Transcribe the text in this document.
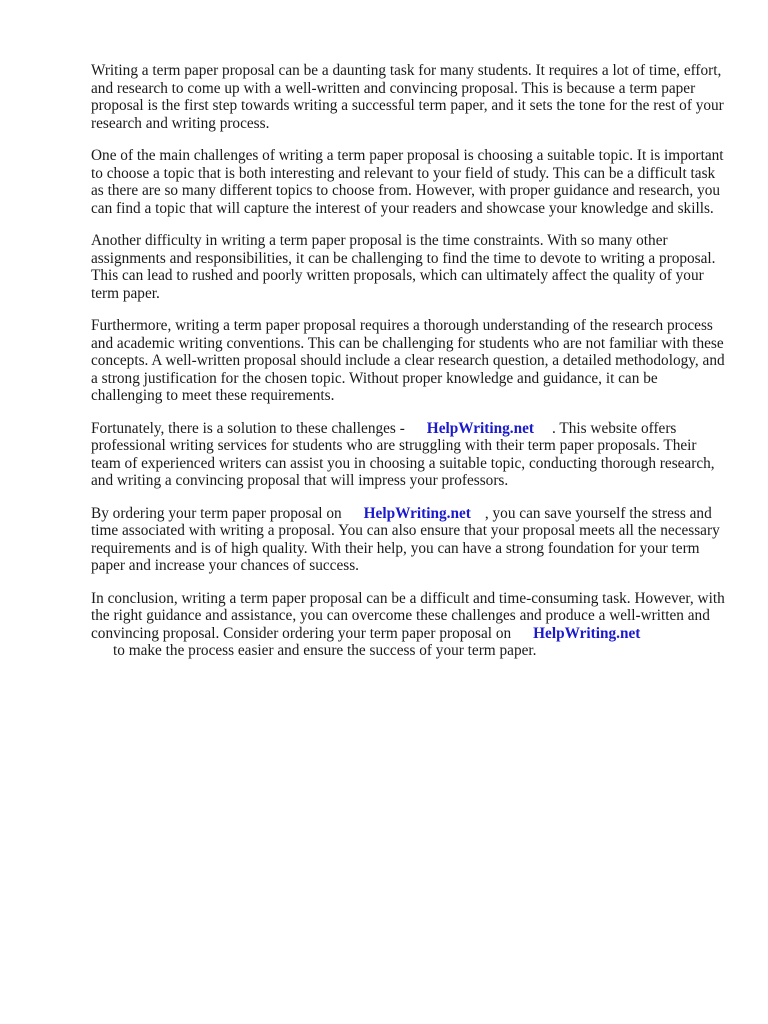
Writing a term paper proposal can be a daunting task for many students. It requires a lot of time, effort, and research to come up with a well-written and convincing proposal. This is because a term paper proposal is the first step towards writing a successful term paper, and it sets the tone for the rest of your research and writing process.

One of the main challenges of writing a term paper proposal is choosing a suitable topic. It is important to choose a topic that is both interesting and relevant to your field of study. This can be a difficult task as there are so many different topics to choose from. However, with proper guidance and research, you can find a topic that will capture the interest of your readers and showcase your knowledge and skills.

Another difficulty in writing a term paper proposal is the time constraints. With so many other assignments and responsibilities, it can be challenging to find the time to devote to writing a proposal. This can lead to rushed and poorly written proposals, which can ultimately affect the quality of your term paper.

Furthermore, writing a term paper proposal requires a thorough understanding of the research process and academic writing conventions. This can be challenging for students who are not familiar with these concepts. A well-written proposal should include a clear research question, a detailed methodology, and a strong justification for the chosen topic. Without proper knowledge and guidance, it can be challenging to meet these requirements.

Fortunately, there is a solution to these challenges - HelpWriting.net . This website offers professional writing services for students who are struggling with their term paper proposals. Their team of experienced writers can assist you in choosing a suitable topic, conducting thorough research, and writing a convincing proposal that will impress your professors.

By ordering your term paper proposal on HelpWriting.net , you can save yourself the stress and time associated with writing a proposal. You can also ensure that your proposal meets all the necessary requirements and is of high quality. With their help, you can have a strong foundation for your term paper and increase your chances of success.

In conclusion, writing a term paper proposal can be a difficult and time-consuming task. However, with the right guidance and assistance, you can overcome these challenges and produce a well-written and convincing proposal. Consider ordering your term paper proposal on HelpWriting.net
to make the process easier and ensure the success of your term paper.
